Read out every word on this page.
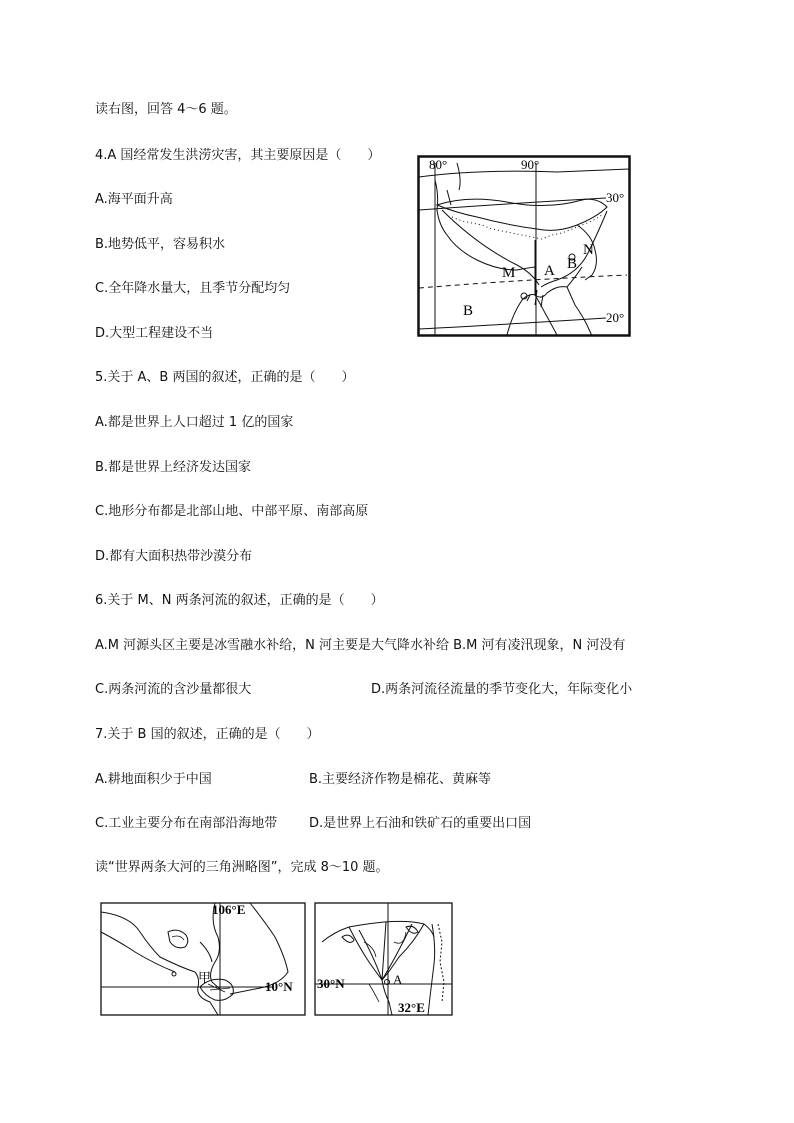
读右图，回答 4～6 题。
4.A 国经常发生洪涝灾害，其主要原因是（　　）
A.海平面升高
B.地势低平，容易积水
C.全年降水量大，且季节分配均匀
D.大型工程建设不当
5.关于 A、B 两国的叙述，正确的是（　　）
A.都是世界上人口超过 1 亿的国家
B.都是世界上经济发达国家
C.地形分布都是北部山地、中部平原、南部高原
D.都有大面积热带沙漠分布
6.关于 M、N 两条河流的叙述，正确的是（　　）
A.M 河源头区主要是冰雪融水补给，N 河主要是大气降水补给 B.M 河有凌汛现象，N 河没有
C.两条河流的含沙量都很大	D.两条河流径流量的季节变化大，年际变化小
7.关于 B 国的叙述，正确的是（　　）
A.耕地面积少于中国	B.主要经济作物是棉花、黄麻等
C.工业主要分布在南部沿海地带 D.是世界上石油和铁矿石的重要出口国
读“世界两条大河的三角洲略图”，完成 8～10 题。
80°	90°
30°
20°
M A B
N
B
106°E
10°N
甲	30°N	A
32°E
